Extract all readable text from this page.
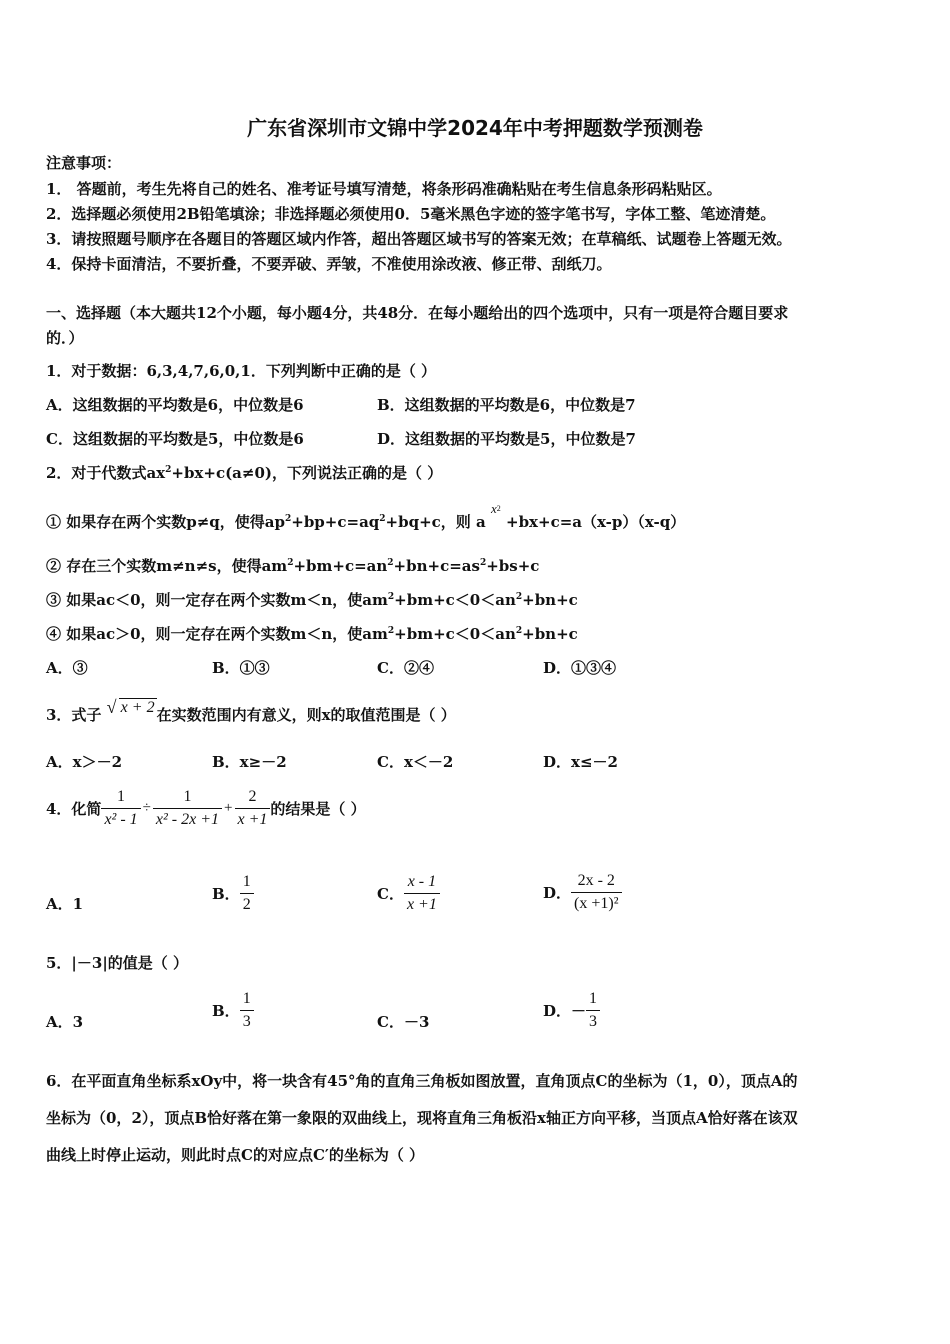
广东省深圳市文锦中学2024年中考押题数学预测卷
注意事项：
1． 答题前，考生先将自己的姓名、准考证号填写清楚，将条形码准确粘贴在考生信息条形码粘贴区。
2．选择题必须使用2B铅笔填涂；非选择题必须使用0．5毫米黑色字迹的签字笔书写，字体工整、笔迹清楚。
3．请按照题号顺序在各题目的答题区域内作答，超出答题区域书写的答案无效；在草稿纸、试题卷上答题无效。
4．保持卡面清洁，不要折叠，不要弄破、弄皱，不准使用涂改液、修正带、刮纸刀。
一、选择题（本大题共12个小题，每小题4分，共48分．在每小题给出的四个选项中，只有一项是符合题目要求
的．）
1．对于数据：6,3,4,7,6,0,1．下列判断中正确的是（ ）
A．这组数据的平均数是6，中位数是6	B．这组数据的平均数是6，中位数是7
C．这组数据的平均数是5，中位数是6	D．这组数据的平均数是5，中位数是7
2．对于代数式$ax^2+bx+c(a\ne 0)$，下列说法正确的是（ ）
① 如果存在两个实数p≠q，使得$ap^2+bp+c=aq^2+bq+c$，则 a $x^2 +bx+c=a(x-p)(x-q)$
② 存在三个实数m≠n≠s，使得$am^2+bm+c=an^2+bn+c=as^2+bs+c$
③ 如果ac＜0，则一定存在两个实数m＜n，使$am^2+bm+c<0<an^2+bn+c$
④ 如果ac＞0，则一定存在两个实数m＜n，使$am^2+bm+c<0<an^2+bn+c$
A．③	B．①③	C．②④	D．①③④
3．式子 √ x + 2 在实数范围内有意义，则x的取值范围是（ ）
A．x＞－2	B．x≥－2	C．x＜－2	D．x≤－2
4．化简 $\frac{1}{\text{x² - 1}} \div \frac{1}{\text{x² - 2x +1}} + \frac{2}{x +1}$ 的结果是（ ）
A．1
B． $\frac{1}{2}$	C． $\frac{x - 1}{x +1}$	D． $\frac{2x - 2}{\text{(x +1)²}}$
5．|－3|的值是（ ）
A．3
B． $\frac{1}{3}$	C．－3
D．－ $\frac{1}{3}$
6．在平面直角坐标系xOy中，将一块含有45°角的直角三角板如图放置，直角顶点C的坐标为（1，0），顶点A的
坐标为（0，2），顶点B恰好落在第一象限的双曲线上，现将直角三角板沿x轴正方向平移，当顶点A恰好落在该双
曲线上时停止运动，则此时点C的对应点C′的坐标为（ ）
